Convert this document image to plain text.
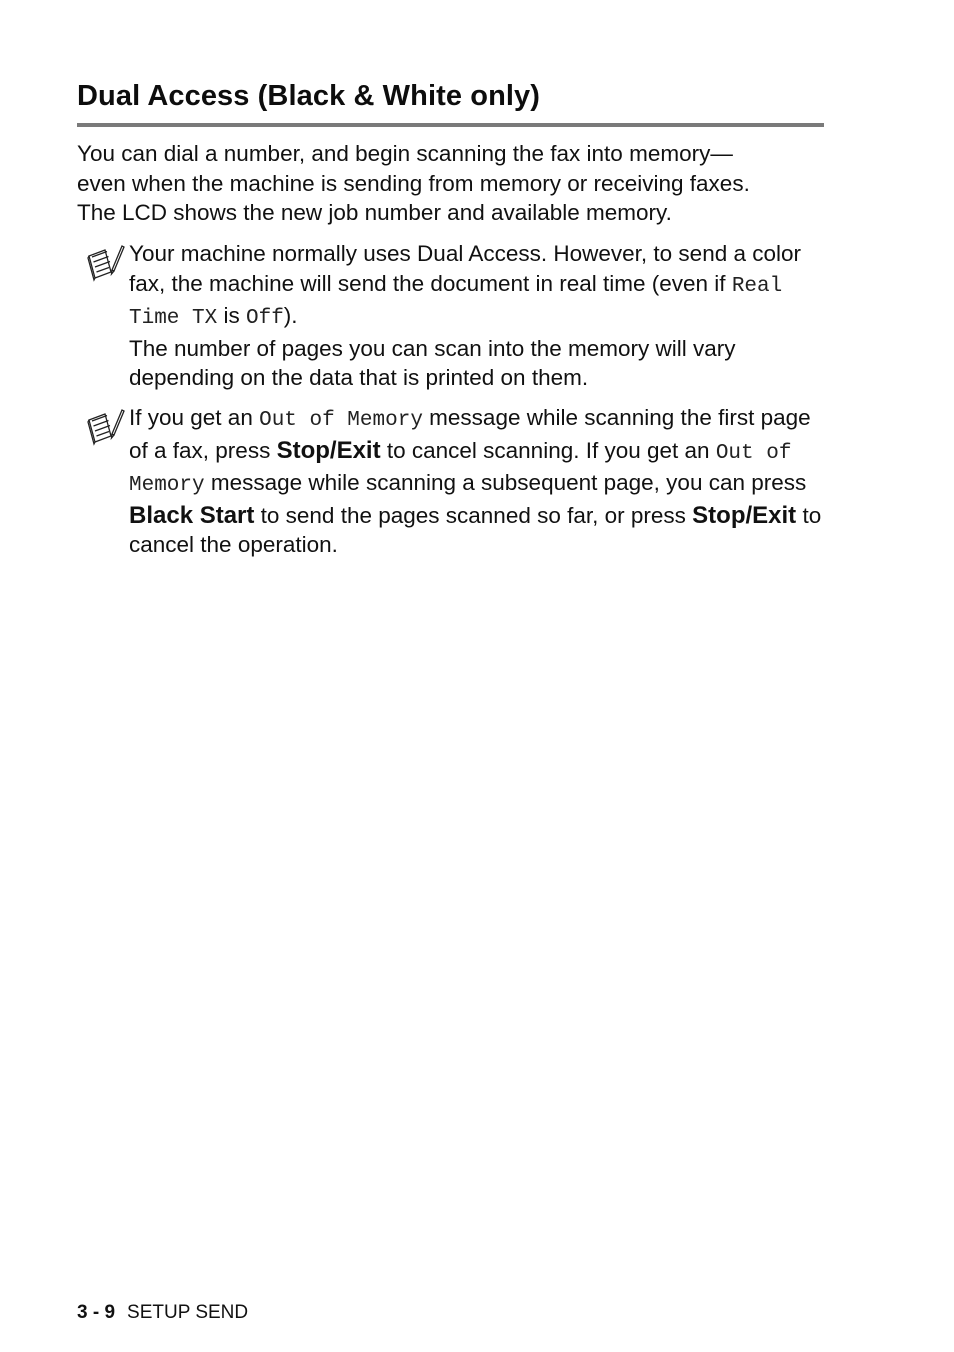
Dual Access (Black & White only)

You can dial a number, and begin scanning the fax into memory—
even when the machine is sending from memory or receiving faxes.
The LCD shows the new job number and available memory.

Your machine normally uses Dual Access. However, to send a color fax, the machine will send the document in real time (even if Real Time TX is Off).
The number of pages you can scan into the memory will vary depending on the data that is printed on them.
If you get an Out of Memory message while scanning the first page of a fax, press Stop/Exit to cancel scanning. If you get an Out of Memory message while scanning a subsequent page, you can press Black Start to send the pages scanned so far, or press Stop/Exit to cancel the operation.
3 - 9 SETUP SEND
